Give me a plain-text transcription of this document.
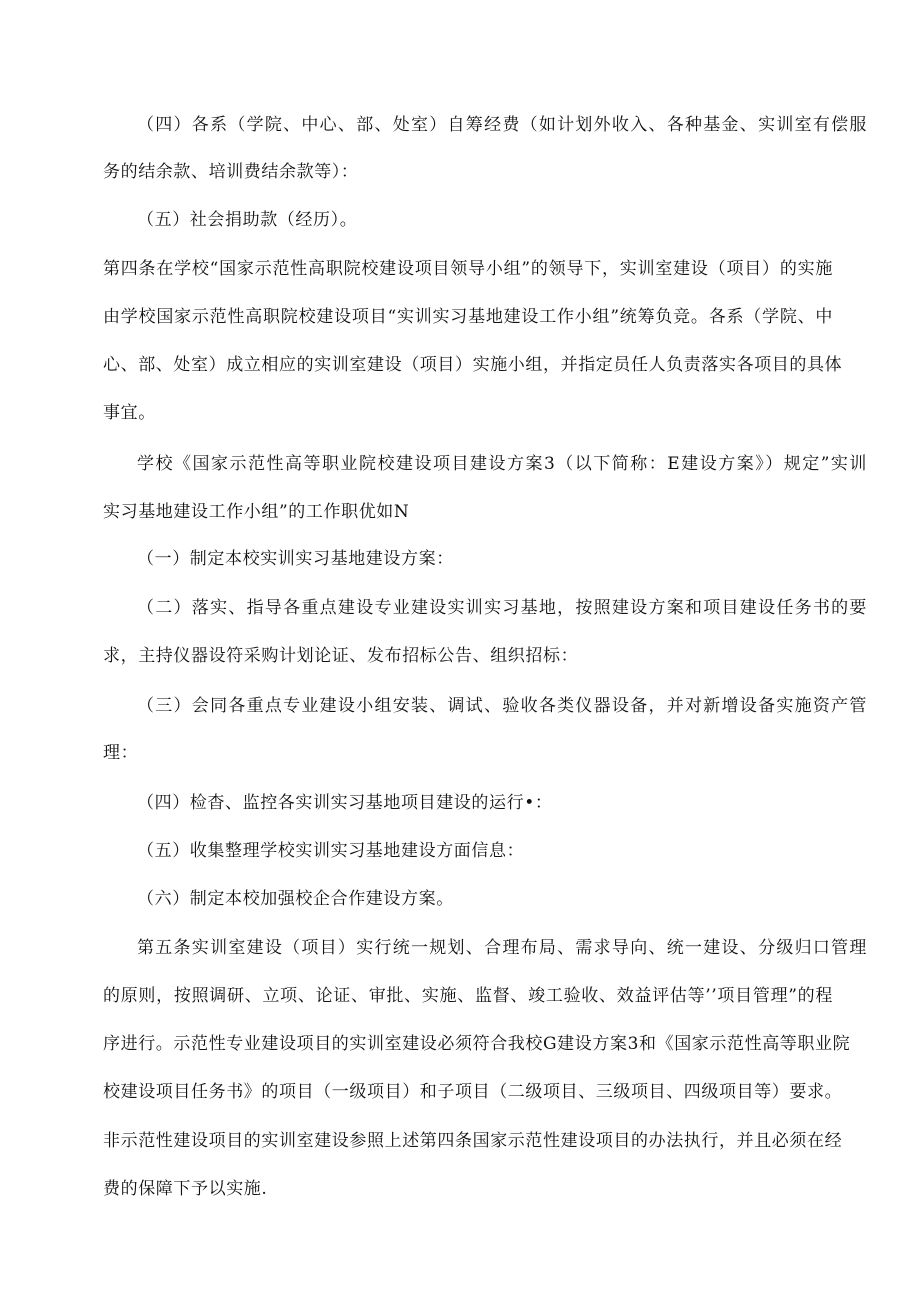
（四）各系（学院、中心、部、处室）自筹经费（如计划外收入、各种基金、实训室有偿服
务的结余款、培训费结余款等）：
（五）社会捐助款（经历）。
第四条在学校“国家示范性高职院校建设项目领导小组”的领导下，实训室建设（项目）的实施
由学校国家示范性高职院校建设项目“实训实习基地建设工作小组”统筹负竞。各系（学院、中
心、部、处室）成立相应的实训室建设（项目）实施小组，并指定员任人负责落实各项目的具体
事宜。
学校《国家示范性高等职业院校建设项目建设方案3（以下简称：E建设方案》）规定”实训
实习基地建设工作小组”的工作职优如N
（一）制定本校实训实习基地建设方案：
（二）落实、指导各重点建设专业建设实训实习基地，按照建设方案和项目建设任务书的要
求，主持仪器设符采购计划论证、发布招标公告、组织招标：
（三）会同各重点专业建设小组安装、调试、验收各类仪器设备，并对新增设备实施资产管
理：
（四）检杳、监控各实训实习基地项目建设的运行•：
（五）收集整理学校实训实习基地建设方面信息：
（六）制定本校加强校企合作建设方案。
第五条实训室建设（项目）实行统一规划、合理布局、需求导向、统一建设、分级归口管理
的原则，按照调研、立项、论证、审批、实施、监督、竣工验收、效益评估等’’项目管理”的程
序进行。示范性专业建设项目的实训室建设必须符合我校G建设方案3和《国家示范性高等职业院
校建设项目任务书》的项目（一级项目）和子项目（二级项目、三级项目、四级项目等）要求。
非示范性建设项目的实训室建设参照上述第四条国家示范性建设项目的办法执行，并且必须在经
费的保障下予以实施.
